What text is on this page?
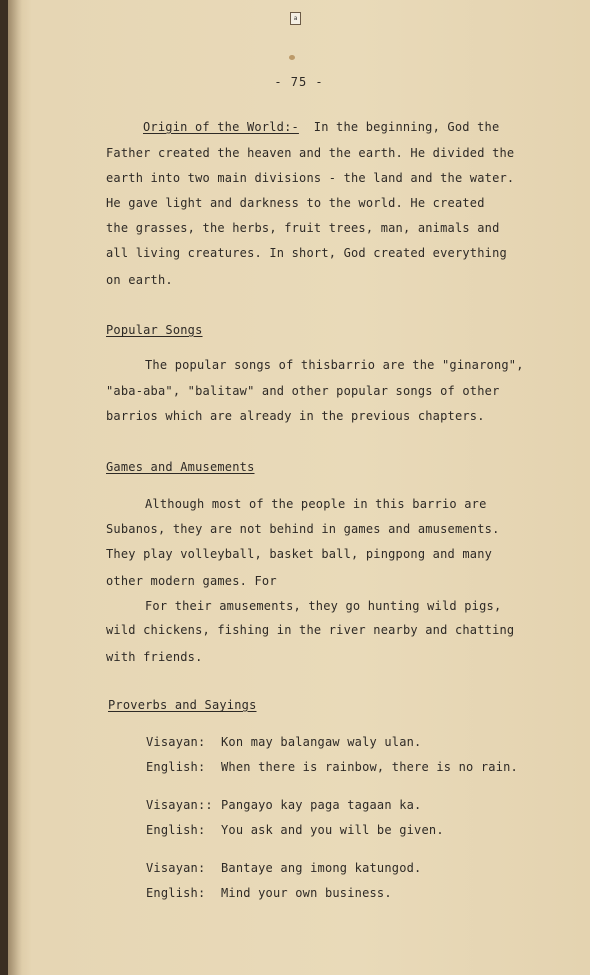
a
- 75 -
Origin of the World:- In the beginning, God the
Father created the heaven and the earth. He divided the
earth into two main divisions - the land and the water.
He gave light and darkness to the world. He created
the grasses, the herbs, fruit trees, man, animals and
all living creatures. In short, God created everything
on earth.
Popular Songs
The popular songs of thisbarrio are the "ginarong",
"aba-aba", "balitaw" and other popular songs of other
barrios which are already in the previous chapters.
Games and Amusements
Although most of the people in this barrio are
Subanos, they are not behind in games and amusements.
They play volleyball, basket ball, pingpong and many
other modern games. For
For their amusements, they go hunting wild pigs,
wild chickens, fishing in the river nearby and chatting
with friends.
Proverbs and Sayings
Visayan: Kon may balangaw waly ulan.
English: When there is rainbow, there is no rain.
Visayan:: Pangayo kay paga tagaan ka.
English: You ask and you will be given.
Visayan: Bantaye ang imong katungod.
English: Mind your own business.
